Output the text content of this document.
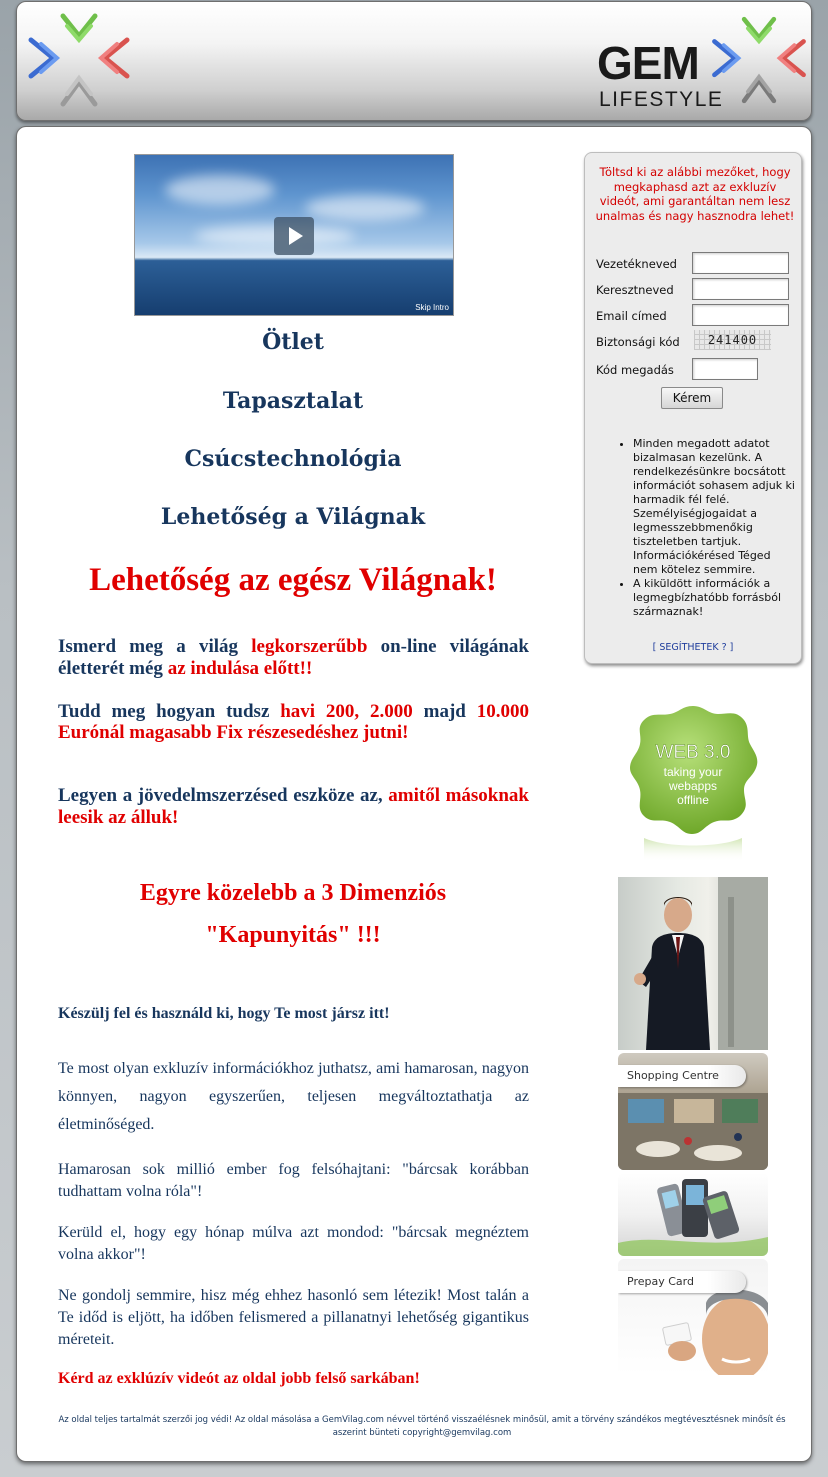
GEM
LIFESTYLE
Skip Intro
Ötlet
Tapasztalat
Csúcstechnológia
Lehetőség a Világnak
Lehetőség az egész Világnak!
Ismerd meg a világ legkorszerűbb on-line világának életterét még az indulása előtt!!
Tudd meg hogyan tudsz havi 200, 2.000 majd 10.000 Eurónál magasabb Fix részesedéshez jutni!
Legyen a jövedelmszerzésed eszköze az, amitől másoknak leesik az álluk!
Egyre közelebb a 3 Dimenziós
"Kapunyitás" !!!
Készülj fel és használd ki, hogy Te most jársz itt!
Te most olyan exkluzív információkhoz juthatsz, ami hamarosan, nagyon könnyen, nagyon egyszerűen, teljesen megváltoztathatja az életminőséged.
Hamarosan sok millió ember fog felsóhajtani: "bárcsak korábban tudhattam volna róla"!
Kerüld el, hogy egy hónap múlva azt mondod: "bárcsak megnéztem volna akkor"!
Ne gondolj semmire, hisz még ehhez hasonló sem létezik! Most talán a Te időd is eljött, ha időben felismered a pillanatnyi lehetőség gigantikus méreteit.
Kérd az exklúzív videót az oldal jobb felső sarkában!
Töltsd ki az alábbi mezőket, hogy megkaphasd azt az exkluzív videót, ami garantáltan nem lesz unalmas és nagy hasznodra lehet!
Vezetékneved
Keresztneved
Email címed
Biztonsági kód	241400
Kód megadás
Kérem
• Minden megadott adatot bizalmasan kezelünk. A rendelkezésünkre bocsátott információt sohasem adjuk ki harmadik fél felé. Személyiségjogaidat a legmesszebbmenőkig tiszteletben tartjuk. Információkérésed Téged nem kötelez semmire.
• A kiküldött információk a legmegbízhatóbb forrásból származnak!
[ SEGÍTHETEK ? ]
WEB 3.0
taking your
webapps
offline
Shopping Centre
Prepay Card
Az oldal teljes tartalmát szerzői jog védi! Az oldal másolása a GemVilag.com névvel történő visszaélésnek minősül, amit a törvény szándékos megtévesztésnek minősít és aszerint bünteti copyright@gemvilag.com
